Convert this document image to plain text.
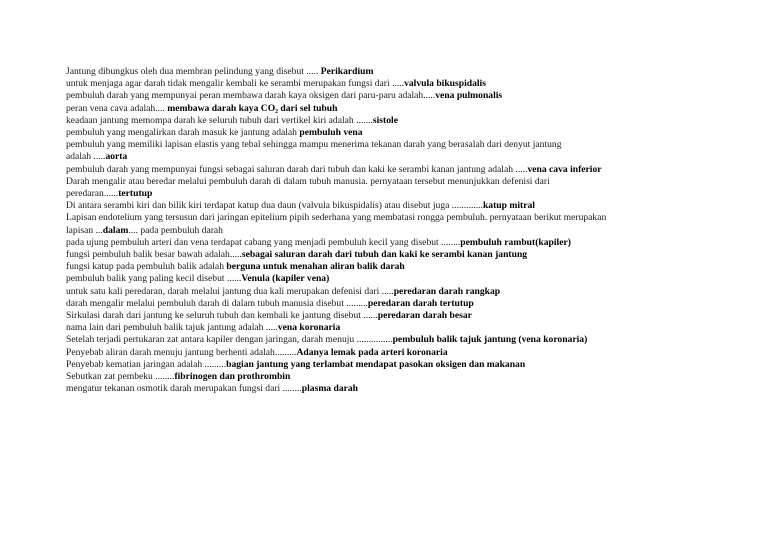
Jantung dibungkus oleh dua membran pelindung yang disebut ..... Perikardium
untuk menjaga agar darah tidak mengalir kembali ke serambi merupakan fungsi dari .....valvula bikuspidalis
pembuluh darah yang mempunyai peran membawa darah kaya oksigen dari paru-paru adalah.....vena pulmonalis
peran vena cava adalah.... membawa darah kaya CO₂ dari sel tubuh
keadaan jantung memompa darah ke seluruh tubuh dari vertikel kiri adalah .......sistole
pembuluh yang mengalirkan darah masuk ke jantung adalah pembuluh vena
pembuluh yang memiliki lapisan elastis yang tebal sehingga mampu menerima tekanan darah yang berasalah dari denyut jantung
adalah .....aorta
pembuluh darah yang mempunyai fungsi sebagai saluran darah dari tubuh dan kaki ke serambi kanan jantung adalah .....vena cava inferior
Darah mengalir atau beredar melalui pembuluh darah di dalam tubuh manusia. pernyataan tersebut menunjukkan defenisi dari
peredaran......tertutup
Di antara serambi kiri dan bilik kiri terdapat katup dua daun (valvula bikuspidalis) atau disebut juga .............katup mitral
Lapisan endotelium yang tersusun dari jaringan epitelium pipih sederhana yang membatasi rongga pembuluh. pernyataan berikut merupakan
lapisan ...dalam.... pada pembuluh darah
pada ujung pembuluh arteri dan vena terdapat cabang yang menjadi pembuluh kecil yang disebut ........pembuluh rambut(kapiler)
fungsi pembuluh balik besar bawah adalah.....sebagai saluran darah dari tubuh dan kaki ke serambi kanan jantung
fungsi katup pada pembuluh balik adalah berguna untuk menahan aliran balik darah
pembuluh balik yang paling kecil disebut ......Venula (kapiler vena)
untuk satu kali peredaran, darah melalui jantung dua kali merupakan defenisi dari .....peredaran darah rangkap
darah mengalir melalui pembuluh darah di dalam tubuh manusia disebut .........peredaran darah tertutup
Sirkulasi darah dari jantung ke seluruh tubuh dan kembali ke jantung disebut ......peredaran darah besar
nama lain dari pembuluh balik tajuk jantung adalah .....vena koronaria
Setelah terjadi pertukaran zat antara kapiler dengan jaringan, darah menuju ...............pembuluh balik tajuk jantung (vena koronaria)
Penyebab aliran darah menuju jantung berhenti adalah.........Adanya lemak pada arteri koronaria
Penyebab kematian jaringan adalah .........bagian jantung yang terlambat mendapat pasokan oksigen dan makanan
Sebutkan zat pembeku ........fibrinogen dan prothrombin
mengatur tekanan osmotik darah merupakan fungsi dari ........plasma darah
